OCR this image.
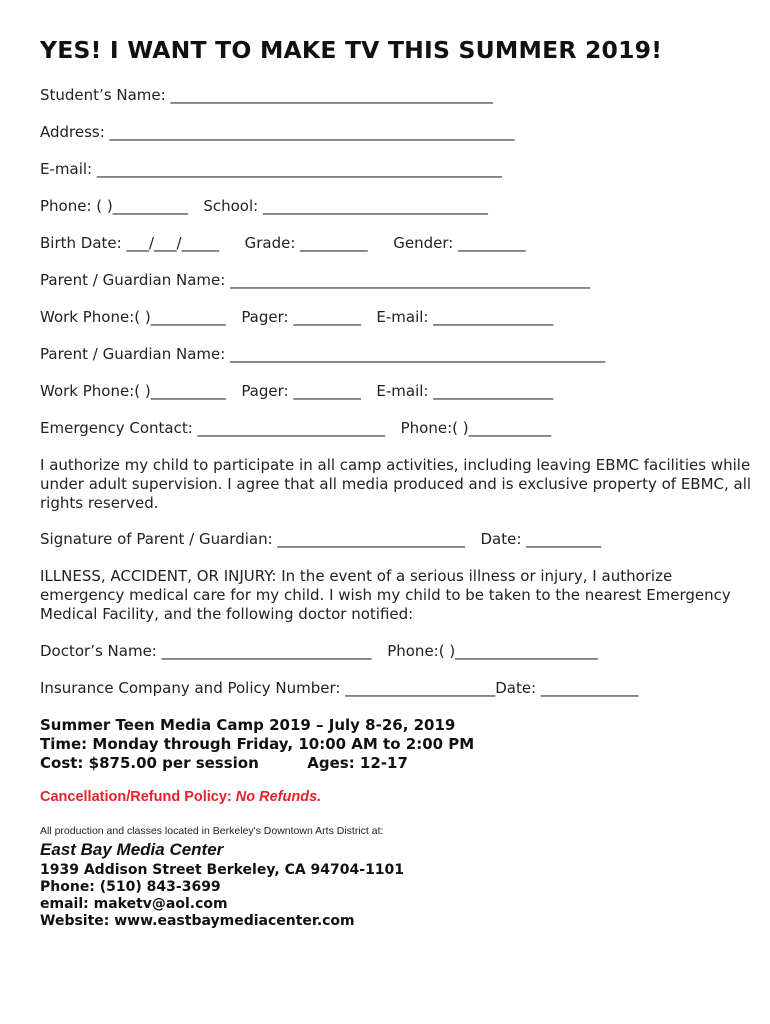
YES! I WANT TO MAKE TV THIS SUMMER 2019!
Student’s Name: ___________________________________________
Address: ______________________________________________________
E-mail: ______________________________________________________
Phone: ( )__________ School: ______________________________
Birth Date: ___/___/_____ Grade: _________ Gender: _________
Parent / Guardian Name: ________________________________________________
Work Phone:( )__________ Pager: _________ E-mail: ________________
Parent / Guardian Name: __________________________________________________
Work Phone:( )__________ Pager: _________ E-mail: ________________
Emergency Contact: _________________________ Phone:( )___________
I authorize my child to participate in all camp activities, including leaving EBMC facilities while under adult supervision. I agree that all media produced and is exclusive property of EBMC, all rights reserved.
Signature of Parent / Guardian: _________________________ Date: __________
ILLNESS, ACCIDENT, OR INJURY: In the event of a serious illness or injury, I authorize emergency medical care for my child. I wish my child to be taken to the nearest Emergency Medical Facility, and the following doctor notified:
Doctor’s Name: ____________________________ Phone:( )___________________
Insurance Company and Policy Number: ____________________Date: _____________
Summer Teen Media Camp 2019 – July 8-26, 2019
Time: Monday through Friday, 10:00 AM to 2:00 PM
Cost: $875.00 per session	Ages: 12-17
Cancellation/Refund Policy: No Refunds.
All production and classes located in Berkeley's Downtown Arts District at:
East Bay Media Center
1939 Addison Street Berkeley, CA 94704-1101
Phone: (510) 843-3699
email: maketv@aol.com
Website: www.eastbaymediacenter.com
